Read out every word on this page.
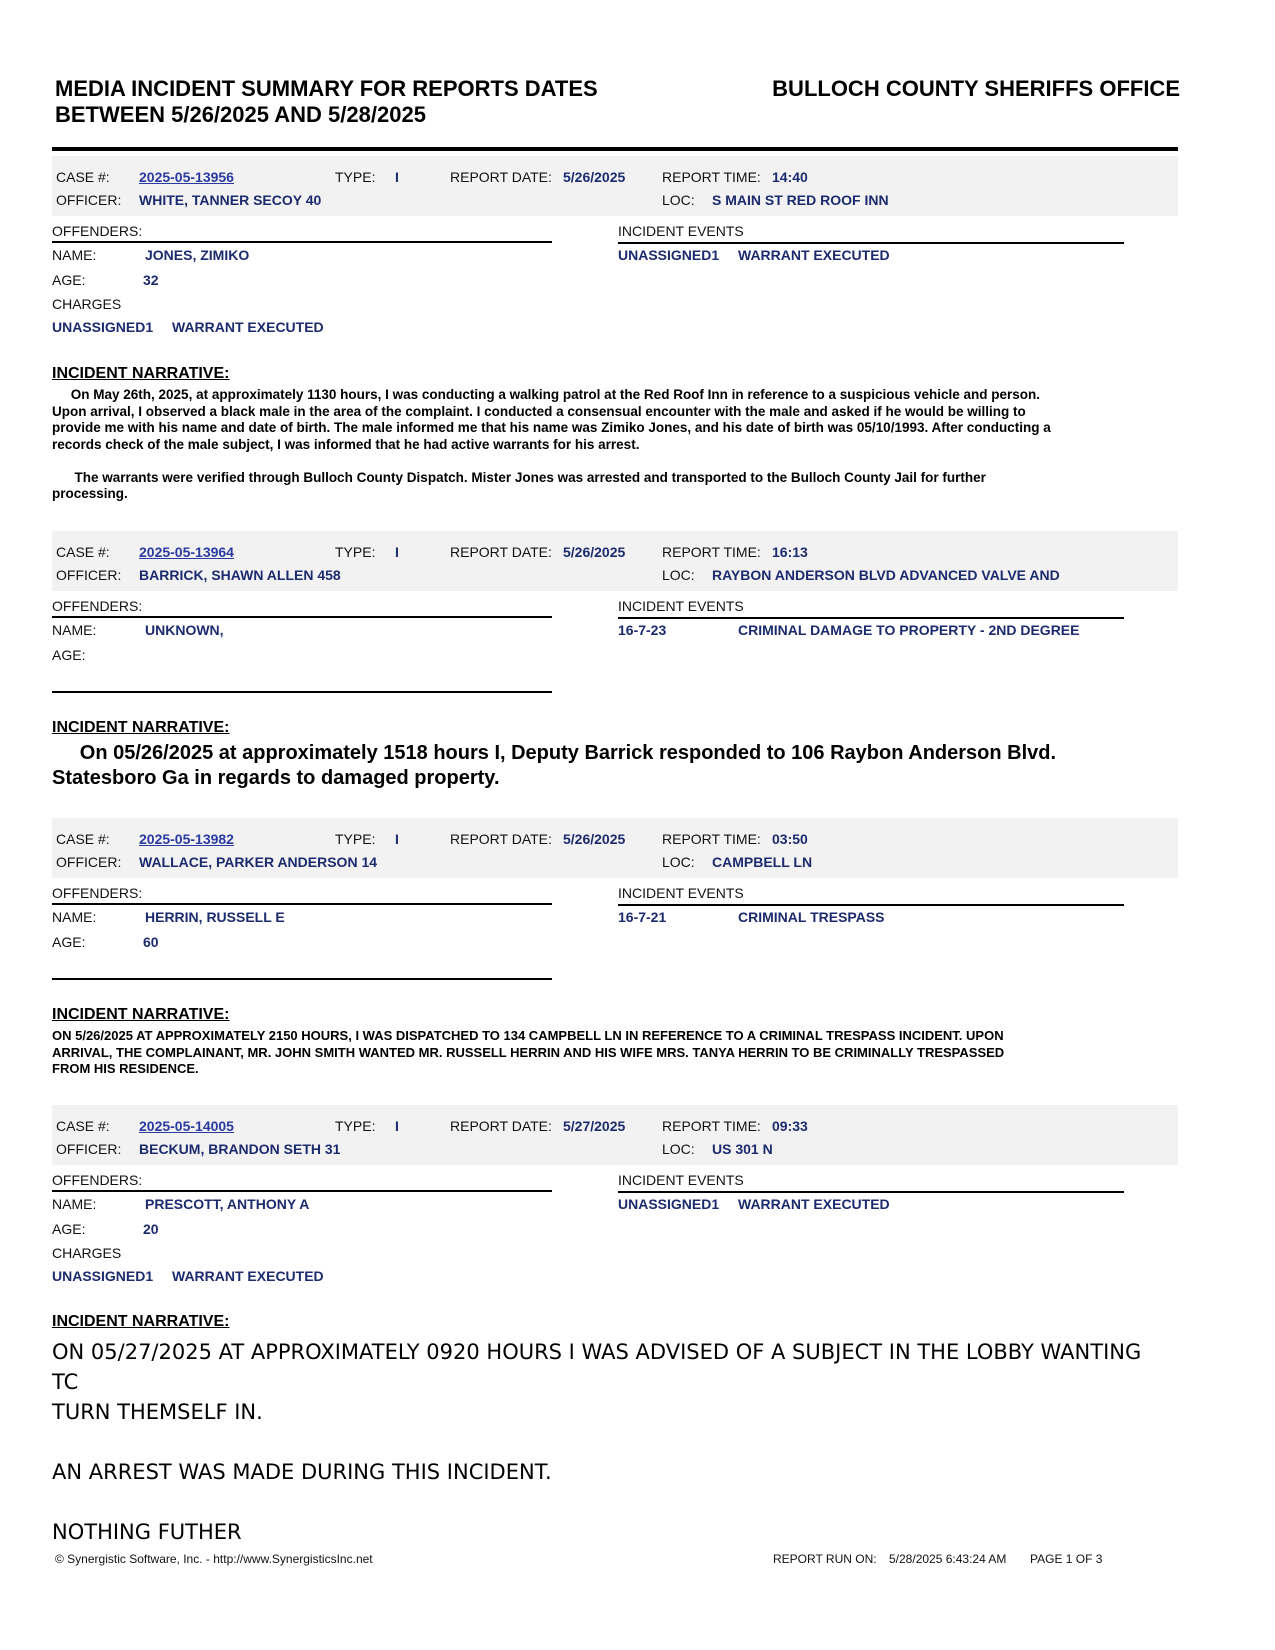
MEDIA INCIDENT SUMMARY FOR REPORTS DATES
BETWEEN 5/26/2025 AND 5/28/2025
BULLOCH COUNTY SHERIFFS OFFICE
CASE #: 2025-05-13956	TYPE: I	REPORT DATE: 5/26/2025	REPORT TIME: 14:40
OFFICER: WHITE, TANNER SECOY 40	LOC: S MAIN ST RED ROOF INN
OFFENDERS:	INCIDENT EVENTS
NAME:	JONES, ZIMIKO	UNASSIGNED1 WARRANT EXECUTED
AGE:	32
CHARGES
UNASSIGNED1 WARRANT EXECUTED
INCIDENT NARRATIVE:
On May 26th, 2025, at approximately 1130 hours, I was conducting a walking patrol at the Red Roof Inn in reference to a suspicious vehicle and person.
Upon arrival, I observed a black male in the area of the complaint. I conducted a consensual encounter with the male and asked if he would be willing to
provide me with his name and date of birth. The male informed me that his name was Zimiko Jones, and his date of birth was 05/10/1993. After conducting a
records check of the male subject, I was informed that he had active warrants for his arrest.

The warrants were verified through Bulloch County Dispatch. Mister Jones was arrested and transported to the Bulloch County Jail for further
processing.
CASE #: 2025-05-13964	TYPE: I	REPORT DATE: 5/26/2025	REPORT TIME: 16:13
OFFICER: BARRICK, SHAWN ALLEN 458	LOC: RAYBON ANDERSON BLVD ADVANCED VALVE AND
OFFENDERS:	INCIDENT EVENTS
NAME:	UNKNOWN,	16-7-23	CRIMINAL DAMAGE TO PROPERTY - 2ND DEGREE
AGE:
INCIDENT NARRATIVE:
On 05/26/2025 at approximately 1518 hours I, Deputy Barrick responded to 106 Raybon Anderson Blvd.
Statesboro Ga in regards to damaged property.
CASE #: 2025-05-13982	TYPE: I	REPORT DATE: 5/26/2025	REPORT TIME: 03:50
OFFICER: WALLACE, PARKER ANDERSON 14	LOC: CAMPBELL LN
OFFENDERS:	INCIDENT EVENTS
NAME:	HERRIN, RUSSELL E	16-7-21	CRIMINAL TRESPASS
AGE:	60
INCIDENT NARRATIVE:
ON 5/26/2025 AT APPROXIMATELY 2150 HOURS, I WAS DISPATCHED TO 134 CAMPBELL LN IN REFERENCE TO A CRIMINAL TRESPASS INCIDENT. UPON
ARRIVAL, THE COMPLAINANT, MR. JOHN SMITH WANTED MR. RUSSELL HERRIN AND HIS WIFE MRS. TANYA HERRIN TO BE CRIMINALLY TRESPASSED
FROM HIS RESIDENCE.
CASE #: 2025-05-14005	TYPE: I	REPORT DATE: 5/27/2025	REPORT TIME: 09:33
OFFICER: BECKUM, BRANDON SETH 31	LOC: US 301 N
OFFENDERS:	INCIDENT EVENTS
NAME:	PRESCOTT, ANTHONY A	UNASSIGNED1 WARRANT EXECUTED
AGE:	20
CHARGES
UNASSIGNED1 WARRANT EXECUTED
INCIDENT NARRATIVE:
ON 05/27/2025 AT APPROXIMATELY 0920 HOURS I WAS ADVISED OF A SUBJECT IN THE LOBBY WANTING TC
TURN THEMSELF IN.

AN ARREST WAS MADE DURING THIS INCIDENT.

NOTHING FUTHER
© Synergistic Software, Inc. - http://www.SynergisticsInc.net	REPORT RUN ON: 5/28/2025 6:43:24 AM PAGE 1 OF 3
